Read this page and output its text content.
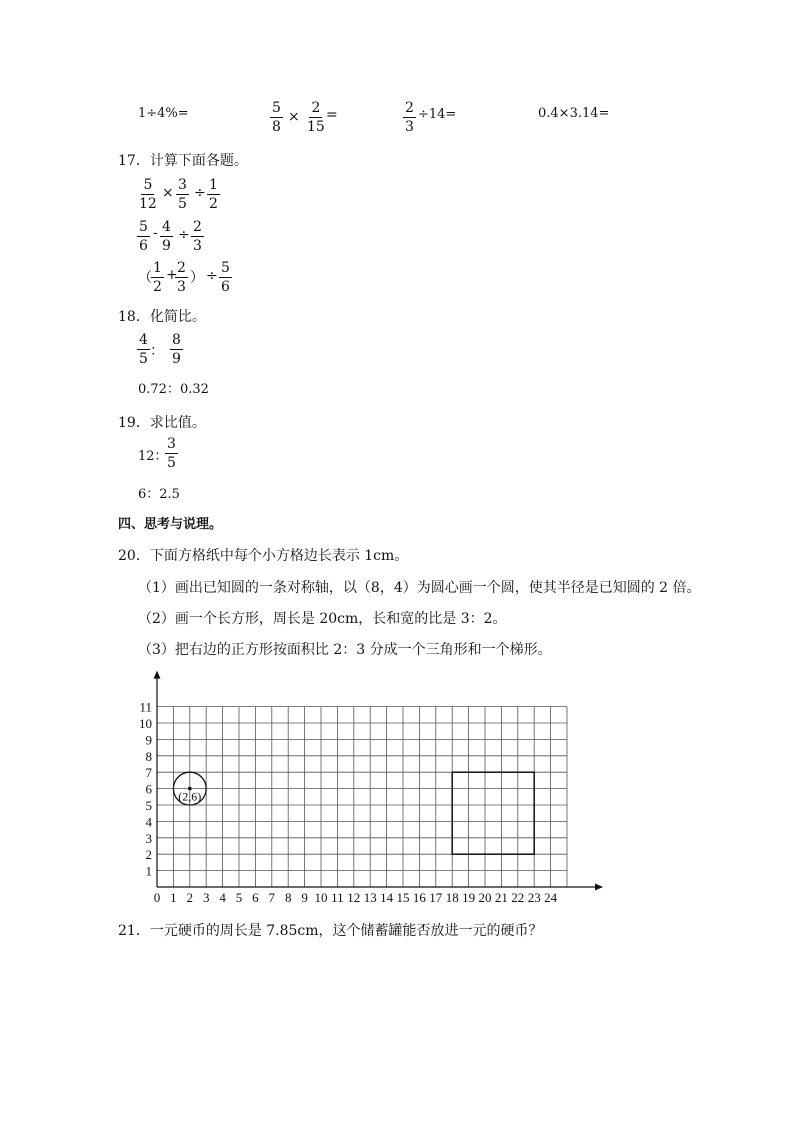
1÷4%=	$\frac{5}{8} \times \frac{2}{15}$ =	$\frac{2}{3} \div 14=$	0.4×3.14=
17．计算下面各题。
$\frac{5}{12} \times \frac{3}{5} \div \frac{1}{2}$
$\frac{5}{6} - \frac{4}{9} \div \frac{2}{3}$
（ $\frac{1}{2}$ +
$\frac{2}{3}$ ） ÷ $\frac{5}{6}$
18．化简比。
$\frac{4}{5}$ ： $\frac{8}{9}$
0.72：0.32
19．求比值。
12：
$\frac{3}{5}$
6：2.5
四、思考与说理。
20．下面方格纸中每个小方格边长表示 1cm。
（1）画出已知圆的一条对称轴，以（8，4）为圆心画一个圆，使其半径是已知圆的 2 倍。
（2）画一个长方形，周长是 20cm，长和宽的比是 3：2。
（3）把右边的正方形按面积比 2：3 分成一个三角形和一个梯形。
0 1 2 3 4 5 6 7 8 9 10 11 12 13 14 15 16 17 18 19 20 21 22 23 24
1
2
3
4
5
6
7
8
9
10
11
(2,6)
21．一元硬币的周长是 7.85cm，这个储蓄罐能否放进一元的硬币？
